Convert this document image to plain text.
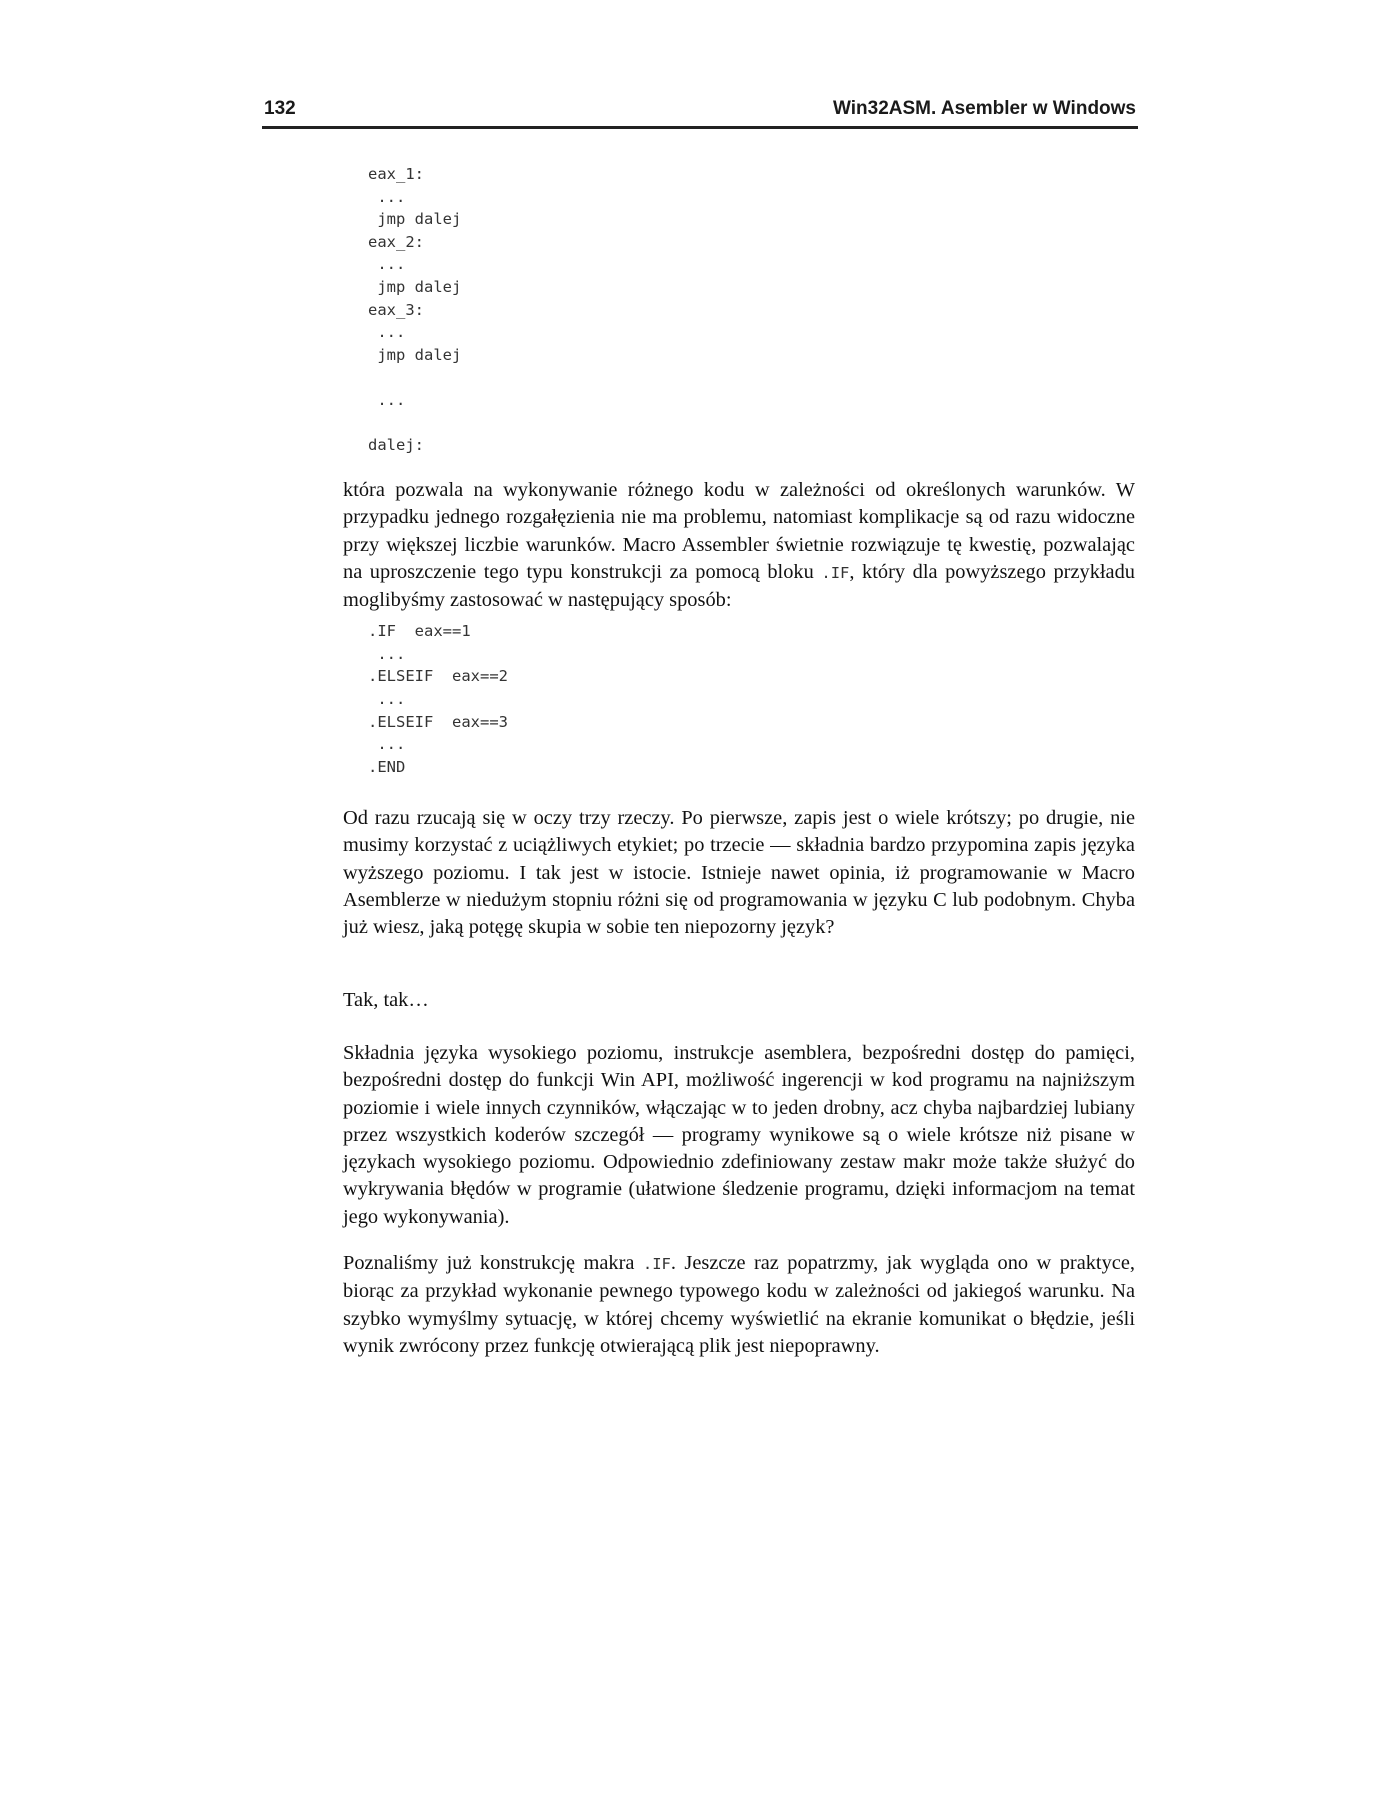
132	Win32ASM. Asembler w Windows
eax_1:
...
jmp dalej
eax_2:
...
jmp dalej
eax_3:
...
jmp dalej
...
dalej:

która pozwala na wykonywanie różnego kodu w zależności od określonych warunków. W przypadku jednego rozgałęzienia nie ma problemu, natomiast komplikacje są od razu widoczne przy większej liczbie warunków. Macro Assembler świetnie rozwiązuje tę kwestię, pozwalając na uproszczenie tego typu konstrukcji za pomocą bloku .IF, który dla powyższego przykładu moglibyśmy zastosować w następujący sposób:

.IF  eax==1
...
.ELSEIF  eax==2
...
.ELSEIF  eax==3
...
.END

Od razu rzucają się w oczy trzy rzeczy. Po pierwsze, zapis jest o wiele krótszy; po drugie, nie musimy korzystać z uciążliwych etykiet; po trzecie — składnia bardzo przypomina zapis języka wyższego poziomu. I tak jest w istocie. Istnieje nawet opinia, iż programowanie w Macro Asemblerze w niedużym stopniu różni się od programowania w języku C lub podobnym. Chyba już wiesz, jaką potęgę skupia w sobie ten niepozorny język?

Tak, tak…

Składnia języka wysokiego poziomu, instrukcje asemblera, bezpośredni dostęp do pamięci, bezpośredni dostęp do funkcji Win API, możliwość ingerencji w kod programu na najniższym poziomie i wiele innych czynników, włączając w to jeden drobny, acz chyba najbardziej lubiany przez wszystkich koderów szczegół — programy wynikowe są o wiele krótsze niż pisane w językach wysokiego poziomu. Odpowiednio zdefiniowany zestaw makr może także służyć do wykrywania błędów w programie (ułatwione śledzenie programu, dzięki informacjom na temat jego wykonywania).

Poznaliśmy już konstrukcję makra .IF. Jeszcze raz popatrzmy, jak wygląda ono w praktyce, biorąc za przykład wykonanie pewnego typowego kodu w zależności od jakiegoś warunku. Na szybko wymyślmy sytuację, w której chcemy wyświetlić na ekranie komunikat o błędzie, jeśli wynik zwrócony przez funkcję otwierającą plik jest niepoprawny.
